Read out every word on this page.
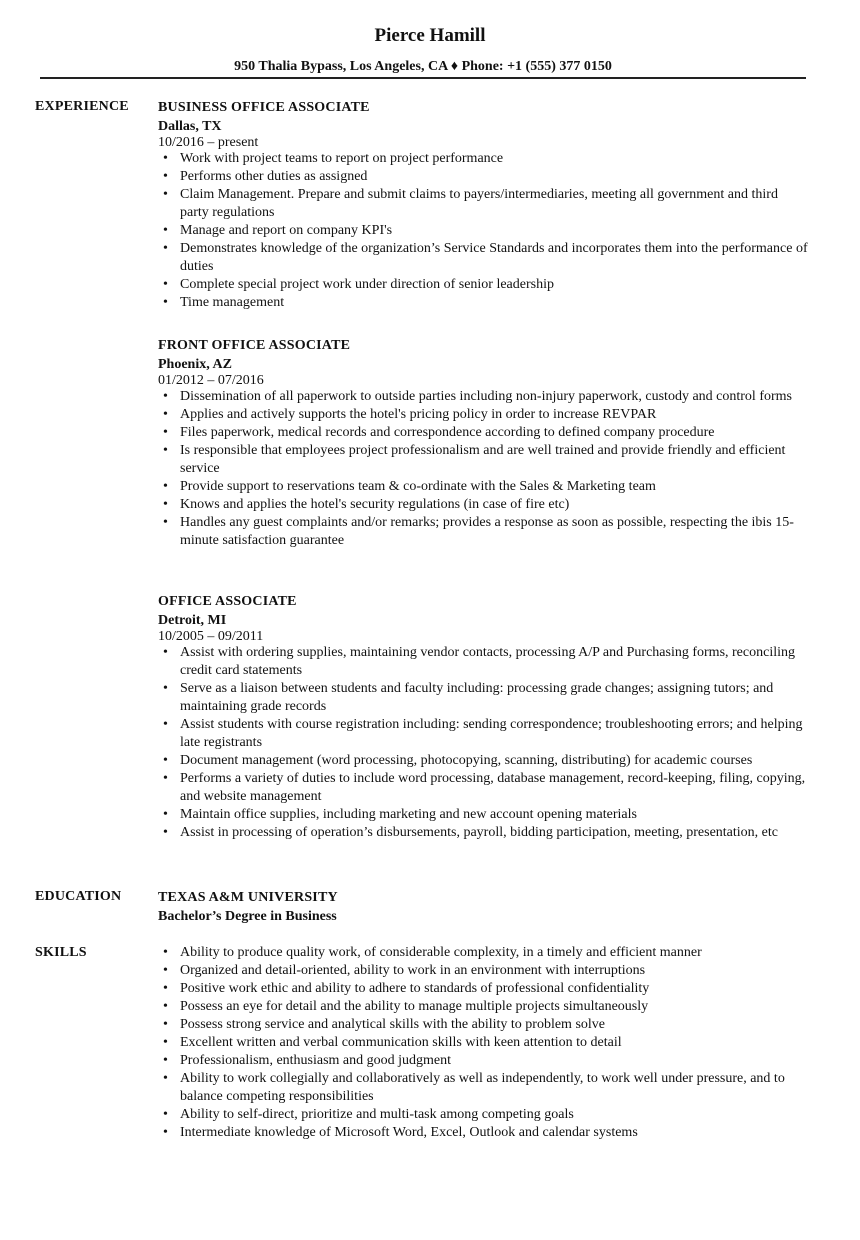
Pierce Hamill
950 Thalia Bypass, Los Angeles, CA ♦ Phone: +1 (555) 377 0150
EXPERIENCE BUSINESS OFFICE ASSOCIATE
Dallas, TX
10/2016 – present
• Work with project teams to report on project performance
• Performs other duties as assigned
• Claim Management. Prepare and submit claims to payers/intermediaries, meeting all government and third party regulations
• Manage and report on company KPI's
• Demonstrates knowledge of the organization’s Service Standards and incorporates them into the performance of duties
• Complete special project work under direction of senior leadership
• Time management
FRONT OFFICE ASSOCIATE
Phoenix, AZ
01/2012 – 07/2016
• Dissemination of all paperwork to outside parties including non-injury paperwork, custody and control forms
• Applies and actively supports the hotel's pricing policy in order to increase REVPAR
• Files paperwork, medical records and correspondence according to defined company procedure
• Is responsible that employees project professionalism and are well trained and provide friendly and efficient service
• Provide support to reservations team & co-ordinate with the Sales & Marketing team
• Knows and applies the hotel's security regulations (in case of fire etc)
• Handles any guest complaints and/or remarks; provides a response as soon as possible, respecting the ibis 15-minute satisfaction guarantee
OFFICE ASSOCIATE
Detroit, MI
10/2005 – 09/2011
• Assist with ordering supplies, maintaining vendor contacts, processing A/P and Purchasing forms, reconciling credit card statements
• Serve as a liaison between students and faculty including: processing grade changes; assigning tutors; and maintaining grade records
• Assist students with course registration including: sending correspondence; troubleshooting errors; and helping late registrants
• Document management (word processing, photocopying, scanning, distributing) for academic courses
• Performs a variety of duties to include word processing, database management, record-keeping, filing, copying, and website management
• Maintain office supplies, including marketing and new account opening materials
• Assist in processing of operation’s disbursements, payroll, bidding participation, meeting, presentation, etc
EDUCATION	TEXAS A&M UNIVERSITY
Bachelor’s Degree in Business
SKILLS
•	Ability to produce quality work, of considerable complexity, in a timely and efficient manner
• Organized and detail-oriented, ability to work in an environment with interruptions
• Positive work ethic and ability to adhere to standards of professional confidentiality
• Possess an eye for detail and the ability to manage multiple projects simultaneously
• Possess strong service and analytical skills with the ability to problem solve
• Excellent written and verbal communication skills with keen attention to detail
• Professionalism, enthusiasm and good judgment
• Ability to work collegially and collaboratively as well as independently, to work well under pressure, and to balance competing responsibilities
• Ability to self-direct, prioritize and multi-task among competing goals
• Intermediate knowledge of Microsoft Word, Excel, Outlook and calendar systems
